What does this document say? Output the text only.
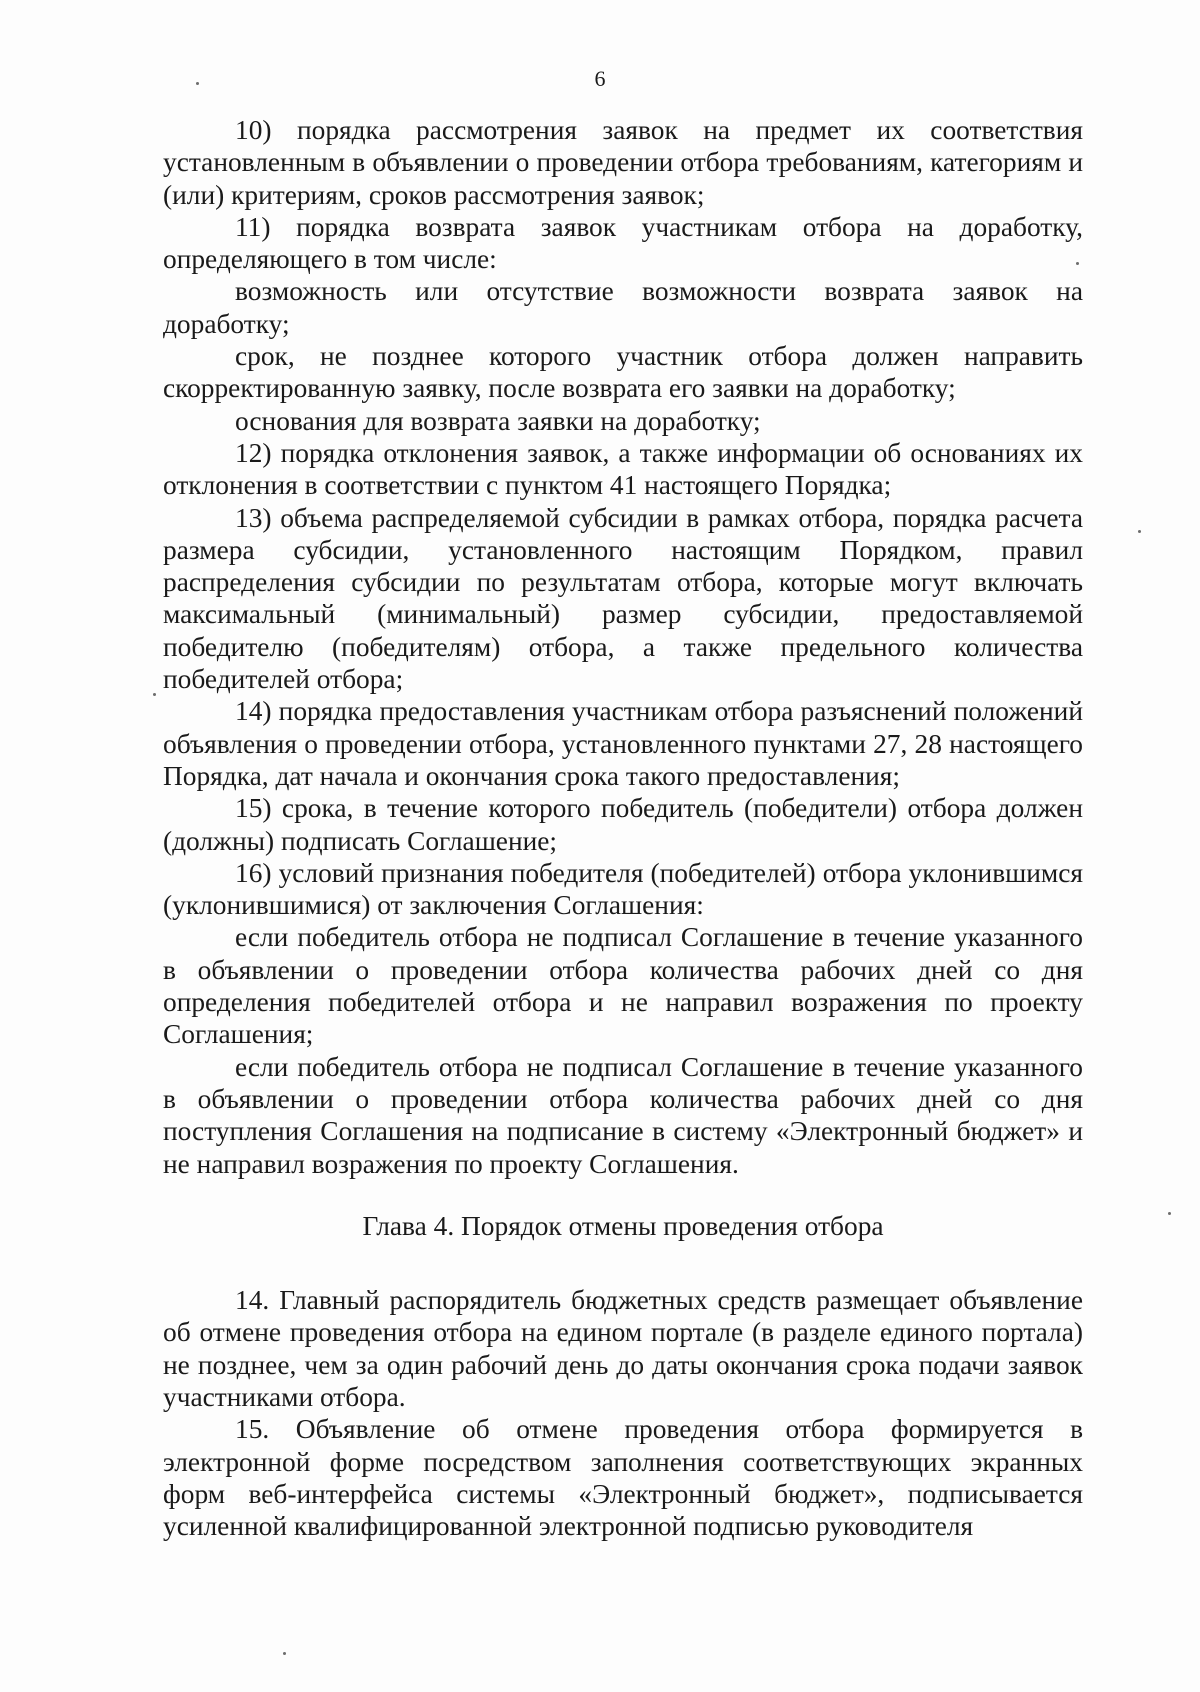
6

10) порядка рассмотрения заявок на предмет их соответствия установленным в объявлении о проведении отбора требованиям, категориям и (или) критериям, сроков рассмотрения заявок;

11) порядка возврата заявок участникам отбора на доработку, определяющего в том числе:

возможность или отсутствие возможности возврата заявок на доработку;

срок, не позднее которого участник отбора должен направить скорректированную заявку, после возврата его заявки на доработку;

основания для возврата заявки на доработку;

12) порядка отклонения заявок, а также информации об основаниях их отклонения в соответствии с пунктом 41 настоящего Порядка;

13) объема распределяемой субсидии в рамках отбора, порядка расчета размера субсидии, установленного настоящим Порядком, правил распределения субсидии по результатам отбора, которые могут включать максимальный (минимальный) размер субсидии, предоставляемой победителю (победителям) отбора, а также предельного количества победителей отбора;

14) порядка предоставления участникам отбора разъяснений положений объявления о проведении отбора, установленного пунктами 27, 28 настоящего Порядка, дат начала и окончания срока такого предоставления;

15) срока, в течение которого победитель (победители) отбора должен (должны) подписать Соглашение;

16) условий признания победителя (победителей) отбора уклонившимся (уклонившимися) от заключения Соглашения:

если победитель отбора не подписал Соглашение в течение указанного в объявлении о проведении отбора количества рабочих дней со дня определения победителей отбора и не направил возражения по проекту Соглашения;

если победитель отбора не подписал Соглашение в течение указанного в объявлении о проведении отбора количества рабочих дней со дня поступления Соглашения на подписание в систему «Электронный бюджет» и не направил возражения по проекту Соглашения.

Глава 4. Порядок отмены проведения отбора

14. Главный распорядитель бюджетных средств размещает объявление об отмене проведения отбора на едином портале (в разделе единого портала) не позднее, чем за один рабочий день до даты окончания срока подачи заявок участниками отбора.

15. Объявление об отмене проведения отбора формируется в электронной форме посредством заполнения соответствующих экранных форм веб-интерфейса системы «Электронный бюджет», подписывается усиленной квалифицированной электронной подписью руководителя
